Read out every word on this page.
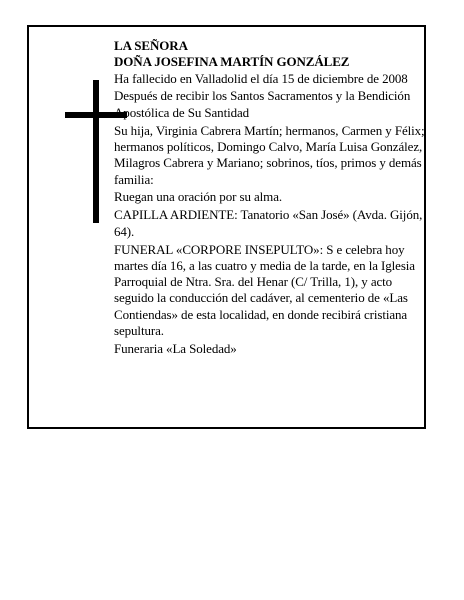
LA SEÑORA

DOÑA JOSEFINA MARTÍN GONZÁLEZ

Ha fallecido en Valladolid el día 15 de diciembre de 2008

Después de recibir los Santos Sacramentos y la Bendición Apostólica de Su Santidad

Su hija, Virginia Cabrera Martín; hermanos, Carmen y Félix; hermanos políticos, Domingo Calvo, María Luisa González, Milagros Cabrera y Mariano; sobrinos, tíos, primos y demás familia:

Ruegan una oración por su alma.

CAPILLA ARDIENTE: Tanatorio «San José» (Avda. Gijón, 64).

FUNERAL «CORPORE INSEPULTO»: S e celebra hoy martes día 16, a las cuatro y media de la tarde, en la Iglesia Parroquial de Ntra. Sra. del Henar (C/ Trilla, 1), y acto seguido la conducción del cadáver, al cementerio de «Las Contiendas» de esta localidad, en donde recibirá cristiana sepultura.

Funeraria «La Soledad»
